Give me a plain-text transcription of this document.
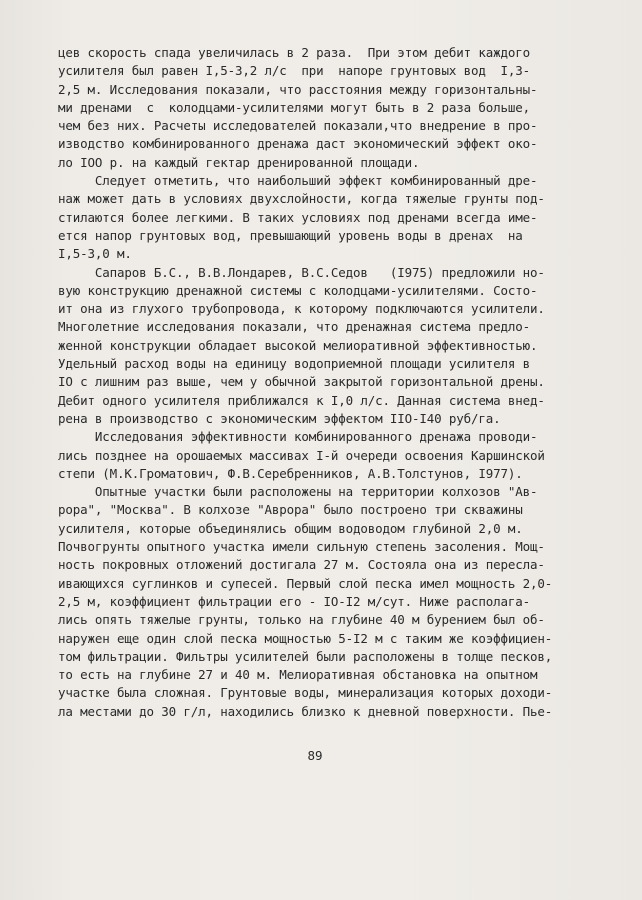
цев скорость спада увеличилась в 2 раза.  При этом дебит каждого
усилителя был равен I,5-3,2 л/с  при  напоре грунтовых вод  I,3-
2,5 м. Исследования показали, что расстояния между горизонтальны-
ми дренами  с  колодцами-усилителями могут быть в 2 раза больше,
чем без них. Расчеты исследователей показали,что внедрение в про-
изводство комбинированного дренажа даст экономический эффект око-
ло IOO р. на каждый гектар дренированной площади.
Следует отметить, что наибольший эффект комбинированный дре-
наж может дать в условиях двухслойности, когда тяжелые грунты под-
стилаются более легкими. В таких условиях под дренами всегда име-
ется напор грунтовых вод, превышающий уровень воды в дренах  на
I,5-3,0 м.
Сапаров Б.С., В.В.Лондарев, В.С.Седов   (I975) предложили но-
вую конструкцию дренажной системы с колодцами-усилителями. Состо-
ит она из глухого трубопровода, к которому подключаются усилители.
Многолетние исследования показали, что дренажная система предло-
женной конструкции обладает высокой мелиоративной эффективностью.
Удельный расход воды на единицу водоприемной площади усилителя в
IO с лишним раз выше, чем у обычной закрытой горизонтальной дрены.
Дебит одного усилителя приближался к I,0 л/с. Данная система внед-
рена в производство с экономическим эффектом IIO-I40 руб/га.
Исследования эффективности комбинированного дренажа проводи-
лись позднее на орошаемых массивах I-й очереди освоения Каршинской
степи (М.К.Громатович, Ф.В.Серебренников, А.В.Толстунов, I977).
Опытные участки были расположены на территории колхозов "Ав-
рора", "Москва". В колхозе "Аврора" было построено три скважины
усилителя, которые объединялись общим водоводом глубиной 2,0 м.
Почвогрунты опытного участка имели сильную степень засоления. Мощ-
ность покровных отложений достигала 27 м. Состояла она из пересла-
ивающихся суглинков и супесей. Первый слой песка имел мощность 2,0-
2,5 м, коэффициент фильтрации его - IO-I2 м/сут. Ниже располага-
лись опять тяжелые грунты, только на глубине 40 м бурением был об-
наружен еще один слой песка мощностью 5-I2 м с таким же коэффициен-
том фильтрации. Фильтры усилителей были расположены в толще песков,
то есть на глубине 27 и 40 м. Мелиоративная обстановка на опытном
участке была сложная. Грунтовые воды, минерализация которых доходи-
ла местами до 30 г/л, находились близко к дневной поверхности. Пье-
89
